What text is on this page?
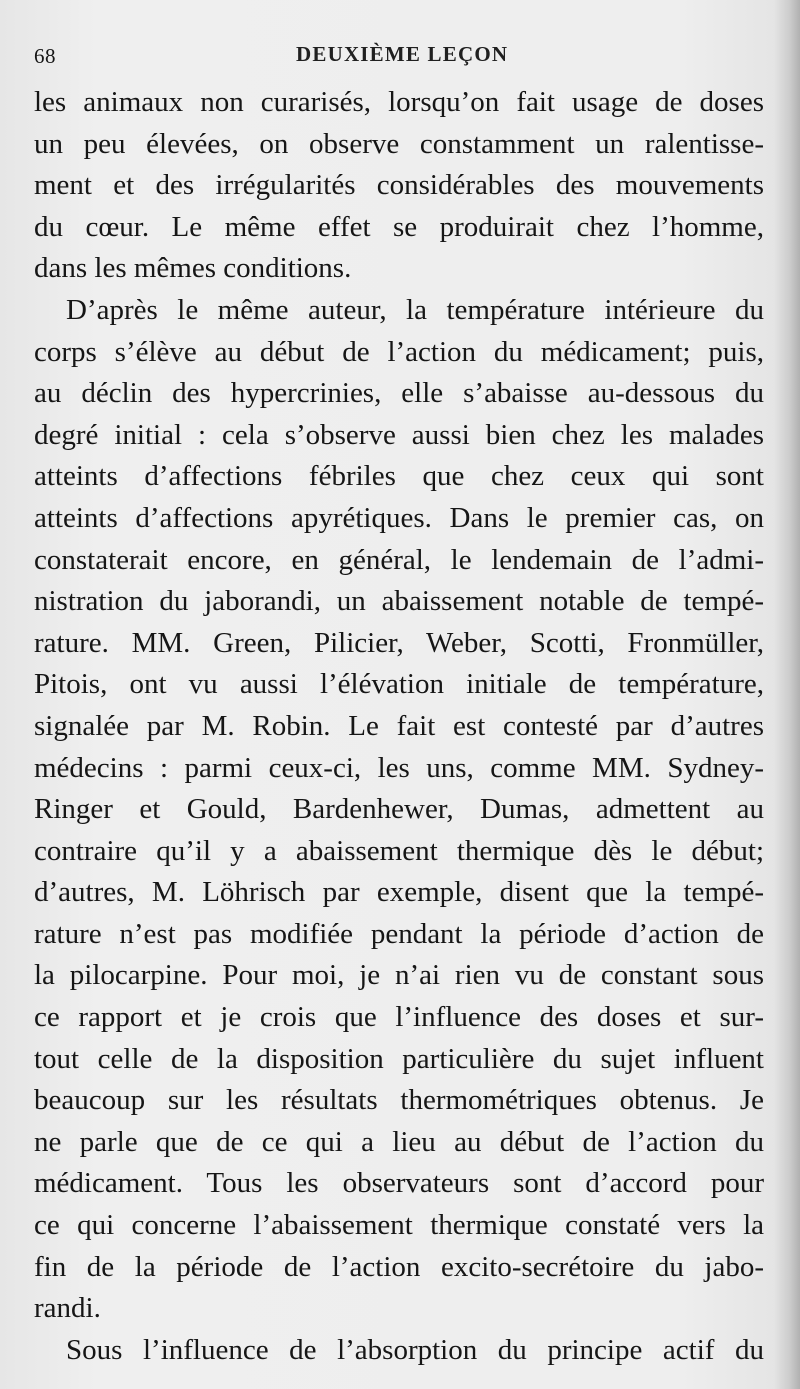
68	DEUXIÈME LEÇON
les animaux non curarisés, lorsqu’on fait usage de doses
un peu élevées, on observe constamment un ralentisse-
ment et des irrégularités considérables des mouvements
du cœur. Le même effet se produirait chez l’homme,
dans les mêmes conditions.
D’après le même auteur, la température intérieure du
corps s’élève au début de l’action du médicament; puis,
au déclin des hypercrinies, elle s’abaisse au-dessous du
degré initial : cela s’observe aussi bien chez les malades
atteints d’affections fébriles que chez ceux qui sont
atteints d’affections apyrétiques. Dans le premier cas, on
constaterait encore, en général, le lendemain de l’admi-
nistration du jaborandi, un abaissement notable de tempé-
rature. MM. Green, Pilicier, Weber, Scotti, Fronmüller,
Pitois, ont vu aussi l’élévation initiale de température,
signalée par M. Robin. Le fait est contesté par d’autres
médecins : parmi ceux-ci, les uns, comme MM. Sydney-
Ringer et Gould, Bardenhewer, Dumas, admettent au
contraire qu’il y a abaissement thermique dès le début;
d’autres, M. Löhrisch par exemple, disent que la tempé-
rature n’est pas modifiée pendant la période d’action de
la pilocarpine. Pour moi, je n’ai rien vu de constant sous
ce rapport et je crois que l’influence des doses et sur-
tout celle de la disposition particulière du sujet influent
beaucoup sur les résultats thermométriques obtenus. Je
ne parle que de ce qui a lieu au début de l’action du
médicament. Tous les observateurs sont d’accord pour
ce qui concerne l’abaissement thermique constaté vers la
fin de la période de l’action excito-secrétoire du jabo-
randi.
Sous l’influence de l’absorption du principe actif du
